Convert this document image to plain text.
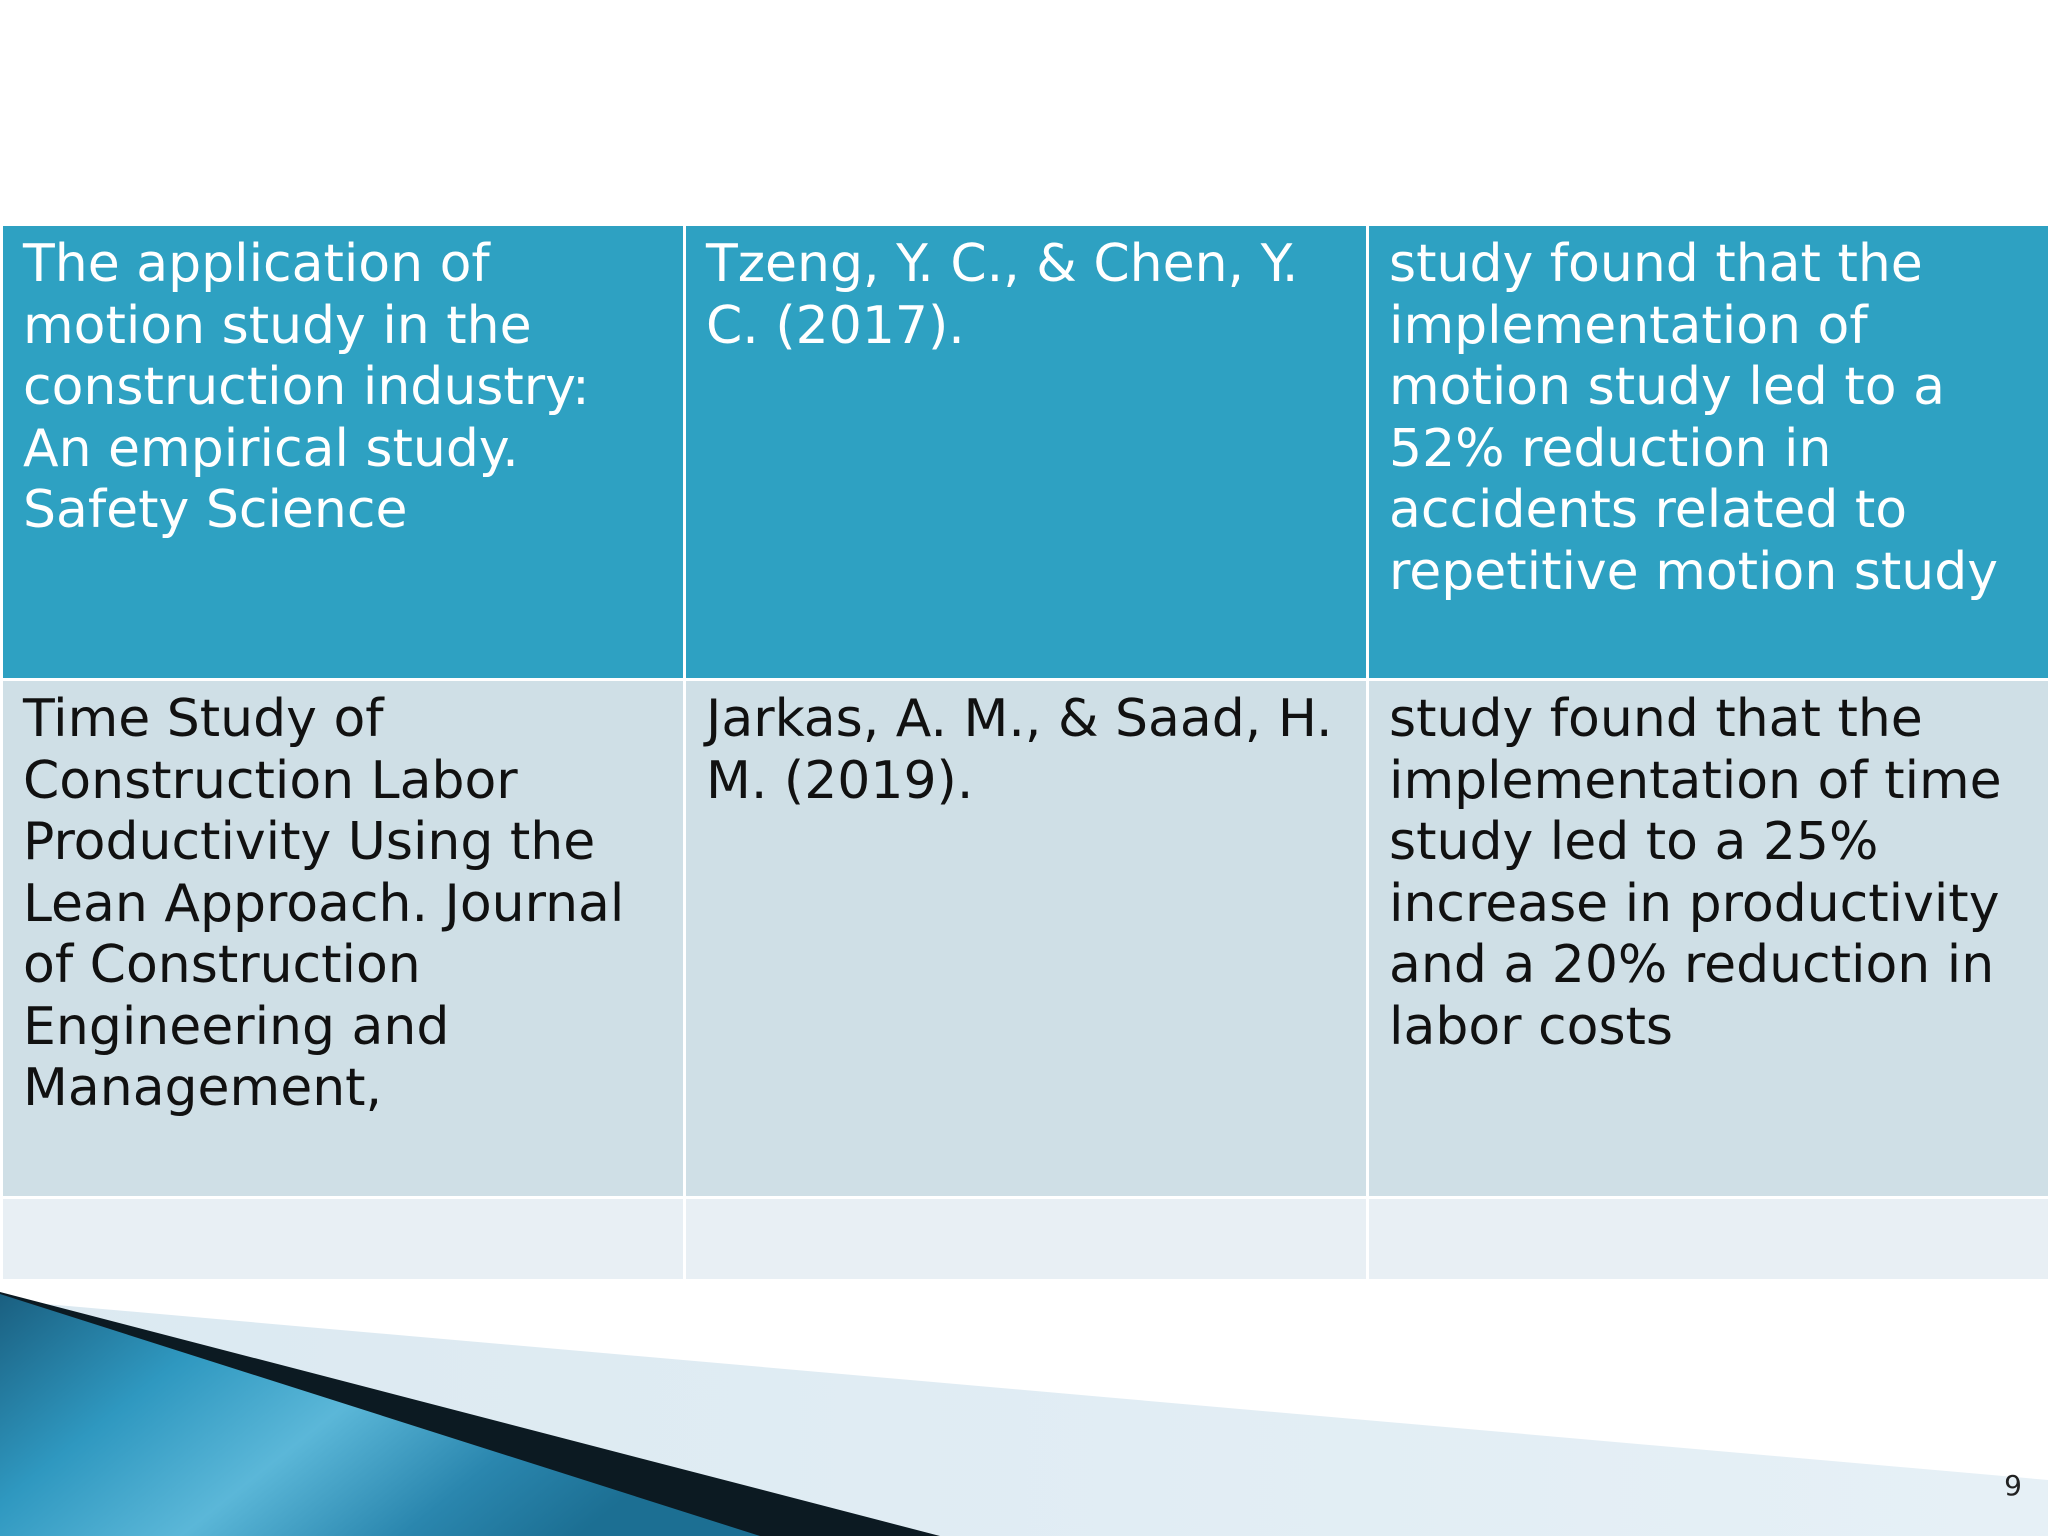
The application of motion study in the construction industry: An empirical study. Safety Science	Tzeng, Y. C., & Chen, Y. C. (2017).	study found that the implementation of motion study led to a 52% reduction in accidents related to repetitive motion study
Time Study of Construction Labor Productivity Using the Lean Approach. Journal of Construction Engineering and Management,	Jarkas, A. M., & Saad, H. M. (2019).	study found that the implementation of time study led to a 25% increase in productivity and a 20% reduction in labor costs

9
